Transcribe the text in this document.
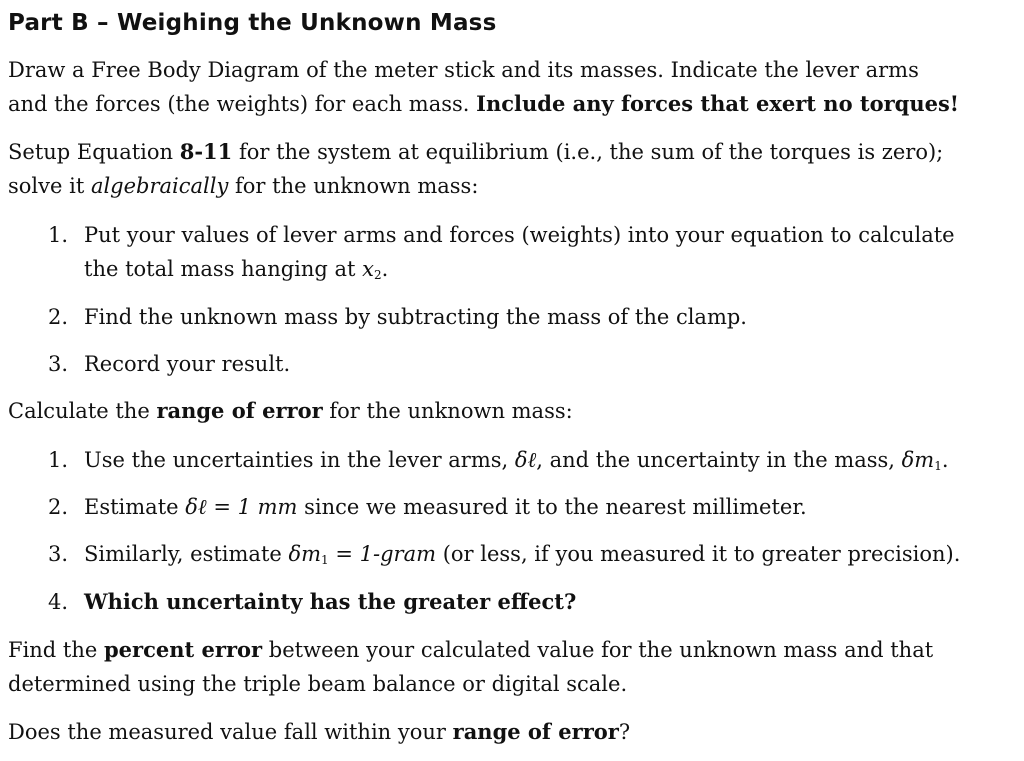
Part B – Weighing the Unknown Mass
Draw a Free Body Diagram of the meter stick and its masses. Indicate the lever arms
and the forces (the weights) for each mass. Include any forces that exert no torques!
Setup Equation 8-11 for the system at equilibrium (i.e., the sum of the torques is zero);
solve it algebraically for the unknown mass:
1. Put your values of lever arms and forces (weights) into your equation to calculate
the total mass hanging at $x_2$.
2. Find the unknown mass by subtracting the mass of the clamp.
3. Record your result.
Calculate the range of error for the unknown mass:
1. Use the uncertainties in the lever arms, δℓ, and the uncertainty in the mass, $\delta m_1$.
2. Estimate δℓ = 1 mm since we measured it to the nearest millimeter.
3. Similarly, estimate $\delta m_1$ = 1-gram (or less, if you measured it to greater precision).
4. Which uncertainty has the greater effect?
Find the percent error between your calculated value for the unknown mass and that
determined using the triple beam balance or digital scale.
Does the measured value fall within your range of error?
